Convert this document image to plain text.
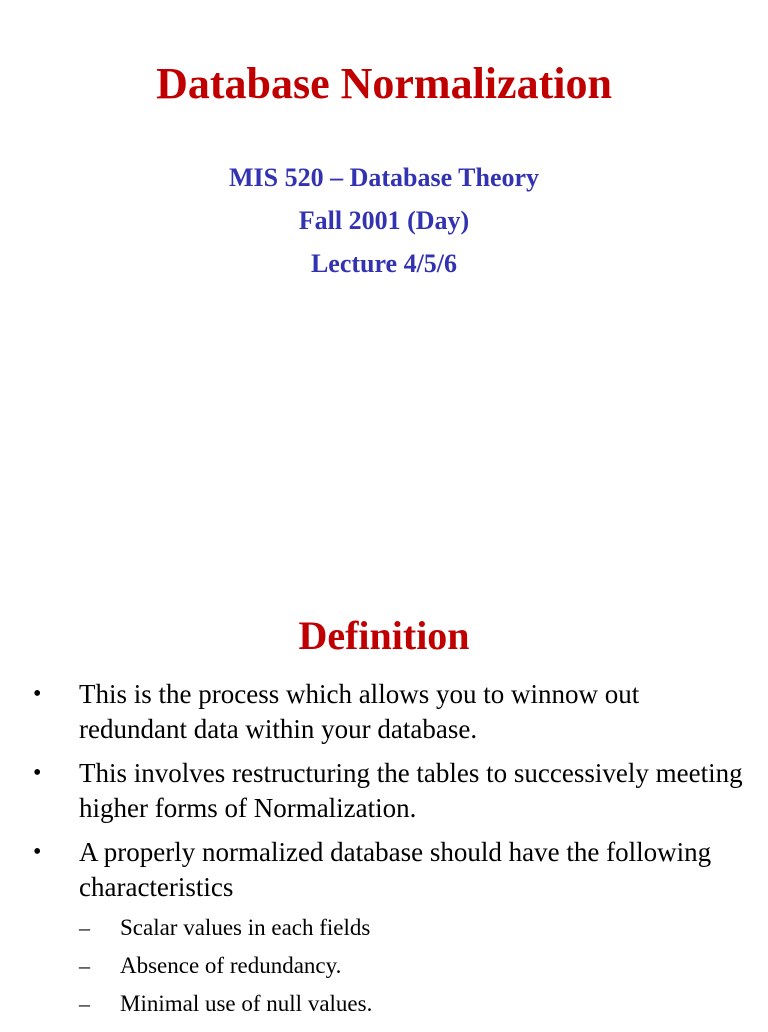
Database Normalization
MIS 520 – Database Theory
Fall 2001 (Day)
Lecture 4/5/6
Definition
• This is the process which allows you to winnow out redundant data within your database.
• This involves restructuring the tables to successively meeting higher forms of Normalization.
• A properly normalized database should have the following characteristics
– Scalar values in each fields
– Absence of redundancy.
– Minimal use of null values.
